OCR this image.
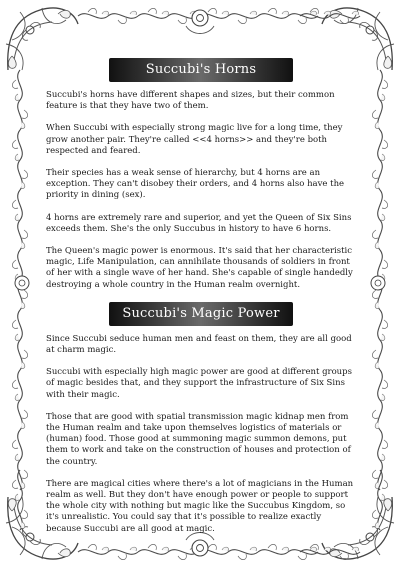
Succubi's Horns

Succubi's horns have different shapes and sizes, but their common feature is that they have two of them.

When Succubi with especially strong magic live for a long time, they grow another pair. They're called <<4 horns>> and they're both respected and feared.

Their species has a weak sense of hierarchy, but 4 horns are an exception. They can't disobey their orders, and 4 horns also have the priority in dining (sex).

4 horns are extremely rare and superior, and yet the Queen of Six Sins exceeds them. She's the only Succubus in history to have 6 horns.

The Queen's magic power is enormous. It's said that her characteristic magic, Life Manipulation, can annihilate thousands of soldiers in front of her with a single wave of her hand. She's capable of single handedly destroying a whole country in the Human realm overnight.

Succubi's Magic Power

Since Succubi seduce human men and feast on them, they are all good at charm magic.

Succubi with especially high magic power are good at different groups of magic besides that, and they support the infrastructure of Six Sins with their magic.

Those that are good with spatial transmission magic kidnap men from the Human realm and take upon themselves logistics of materials or (human) food. Those good at summoning magic summon demons, put them to work and take on the construction of houses and protection of the country.

There are magical cities where there's a lot of magicians in the Human realm as well. But they don't have enough power or people to support the whole city with nothing but magic like the Succubus Kingdom, so it's unrealistic. You could say that it's possible to realize exactly because Succubi are all good at magic.
